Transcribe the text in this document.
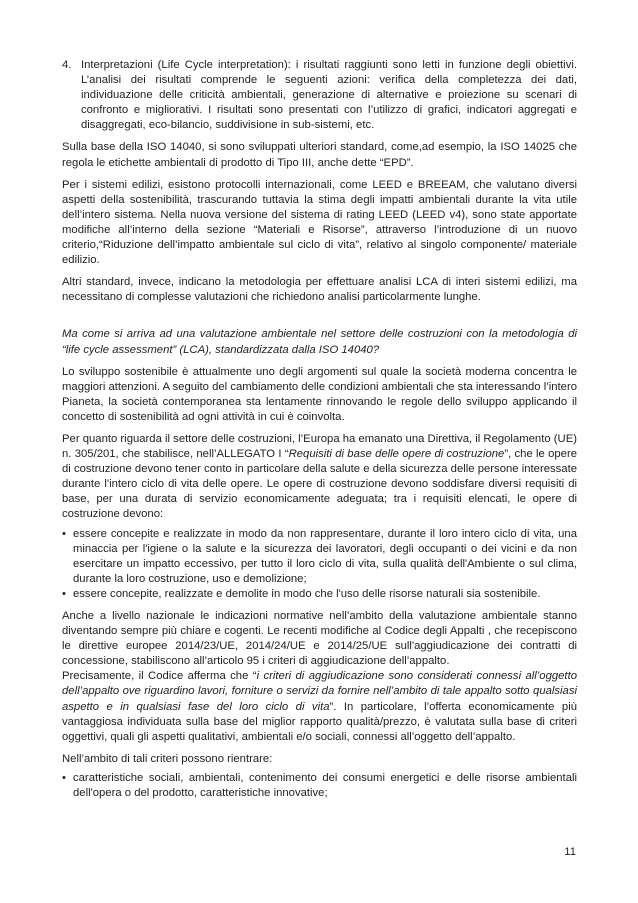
4. Interpretazioni (Life Cycle interpretation): i risultati raggiunti sono letti in funzione degli obiettivi. L’analisi dei risultati comprende le seguenti azioni: verifica della completezza dei dati, individuazione delle criticità ambientali, generazione di alternative e proiezione su scenari di confronto e migliorativi. I risultati sono presentati con l’utilizzo di grafici, indicatori aggregati e disaggregati, eco-bilancio, suddivisione in sub-sistemi, etc.

Sulla base della ISO 14040, si sono sviluppati ulteriori standard, come,ad esempio, la ISO 14025 che regola le etichette ambientali di prodotto di Tipo III, anche dette “EPD”.

Per i sistemi edilizi, esistono protocolli internazionali, come LEED e BREEAM, che valutano diversi aspetti della sostenibilità, trascurando tuttavia la stima degli impatti ambientali durante la vita utile dell’intero sistema. Nella nuova versione del sistema di rating LEED (LEED v4), sono state apportate modifiche all’interno della sezione “Materiali e Risorse”, attraverso l’introduzione di un nuovo criterio,“Riduzione dell’impatto ambientale sul ciclo di vita”, relativo al singolo componente/ materiale edilizio.

Altri standard, invece, indicano la metodologia per effettuare analisi LCA di interi sistemi edilizi, ma necessitano di complesse valutazioni che richiedono analisi particolarmente lunghe.

Ma come si arriva ad una valutazione ambientale nel settore delle costruzioni con la metodologia di “life cycle assessment” (LCA), standardizzata dalla ISO 14040?

Lo sviluppo sostenibile è attualmente uno degli argomenti sul quale la società moderna concentra le maggiori attenzioni. A seguito del cambiamento delle condizioni ambientali che sta interessando l’intero Pianeta, la società contemporanea sta lentamente rinnovando le regole dello sviluppo applicando il concetto di sostenibilità ad ogni attività in cui è coinvolta.

Per quanto riguarda il settore delle costruzioni, l’Europa ha emanato una Direttiva, il Regolamento (UE) n. 305/201, che stabilisce, nell’ALLEGATO I “Requisiti di base delle opere di costruzione”, che le opere di costruzione devono tener conto in particolare della salute e della sicurezza delle persone interessate durante l'intero ciclo di vita delle opere. Le opere di costruzione devono soddisfare diversi requisiti di base, per una durata di servizio economicamente adeguata; tra i requisiti elencati, le opere di costruzione devono:

• essere concepite e realizzate in modo da non rappresentare, durante il loro intero ciclo di vita, una minaccia per l'igiene o la salute e la sicurezza dei lavoratori, degli occupanti o dei vicini e da non esercitare un impatto eccessivo, per tutto il loro ciclo di vita, sulla qualità dell'Ambiente o sul clima, durante la loro costruzione, uso e demolizione;

• essere concepite, realizzate e demolite in modo che l'uso delle risorse naturali sia sostenibile.

Anche a livello nazionale le indicazioni normative nell’ambito della valutazione ambientale stanno diventando sempre più chiare e cogenti. Le recenti modifiche al Codice degli Appalti , che recepiscono le direttive europee 2014/23/UE, 2014/24/UE e 2014/25/UE sull'aggiudicazione dei contratti di concessione, stabiliscono all’articolo 95 i criteri di aggiudicazione dell’appalto.

Precisamente, il Codice afferma che “i criteri di aggiudicazione sono considerati connessi all’oggetto dell’appalto ove riguardino lavori, forniture o servizi da fornire nell’ambito di tale appalto sotto qualsiasi aspetto e in qualsiasi fase del loro ciclo di vita”. In particolare, l’offerta economicamente più vantaggiosa individuata sulla base del miglior rapporto qualità/prezzo, è valutata sulla base di criteri oggettivi, quali gli aspetti qualitativi, ambientali e/o sociali, connessi all’oggetto dell’appalto.

Nell’ambito di tali criteri possono rientrare:

• caratteristiche sociali, ambientali, contenimento dei consumi energetici e delle risorse ambientali dell'opera o del prodotto, caratteristiche innovative;

11
